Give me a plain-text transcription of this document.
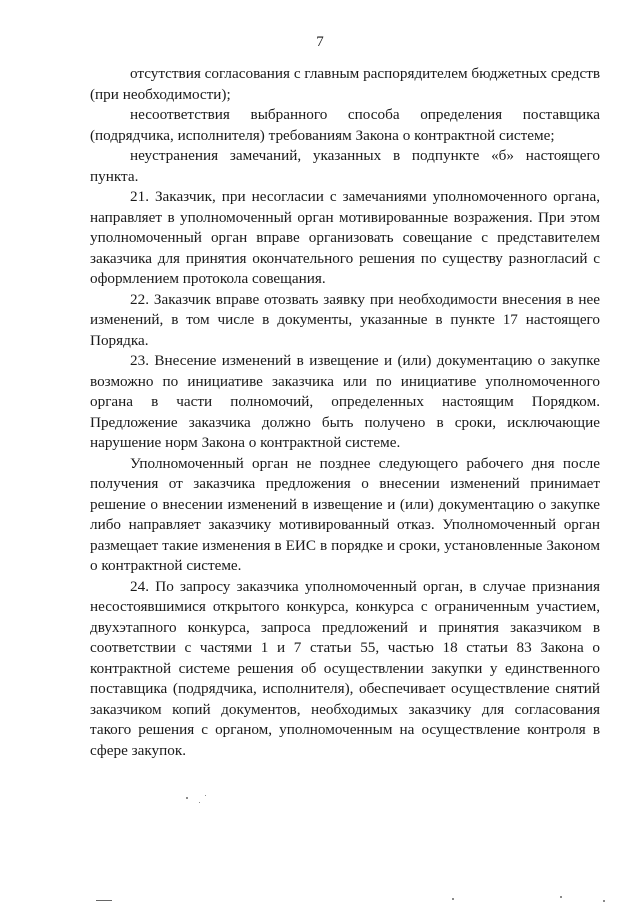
7

отсутствия согласования с главным распорядителем бюджетных средств (при необходимости);

несоответствия выбранного способа определения поставщика (подрядчика, исполнителя) требованиям Закона о контрактной системе;

неустранения замечаний, указанных в подпункте «б» настоящего пункта.

21. Заказчик, при несогласии с замечаниями уполномоченного органа, направляет в уполномоченный орган мотивированные возражения. При этом уполномоченный орган вправе организовать совещание с представителем заказчика для принятия окончательного решения по существу разногласий с оформлением протокола совещания.

22. Заказчик вправе отозвать заявку при необходимости внесения в нее изменений, в том числе в документы, указанные в пункте 17 настоящего Порядка.

23. Внесение изменений в извещение и (или) документацию о закупке возможно по инициативе заказчика или по инициативе уполномоченного органа в части полномочий, определенных настоящим Порядком. Предложение заказчика должно быть получено в сроки, исключающие нарушение норм Закона о контрактной системе.

Уполномоченный орган не позднее следующего рабочего дня после получения от заказчика предложения о внесении изменений принимает решение о внесении изменений в извещение и (или) документацию о закупке либо направляет заказчику мотивированный отказ. Уполномоченный орган размещает такие изменения в ЕИС в порядке и сроки, установленные Законом о контрактной системе.

24. По запросу заказчика уполномоченный орган, в случае признания несостоявшимися открытого конкурса, конкурса с ограниченным участием, двухэтапного конкурса, запроса предложений и принятия заказчиком в соответствии с частями 1 и 7 статьи 55, частью 18 статьи 83 Закона о контрактной системе решения об осуществлении закупки у единственного поставщика (подрядчика, исполнителя), обеспечивает осуществление снятий заказчиком копий документов, необходимых заказчику для согласования такого решения с органом, уполномоченным на осуществление контроля в сфере закупок.
